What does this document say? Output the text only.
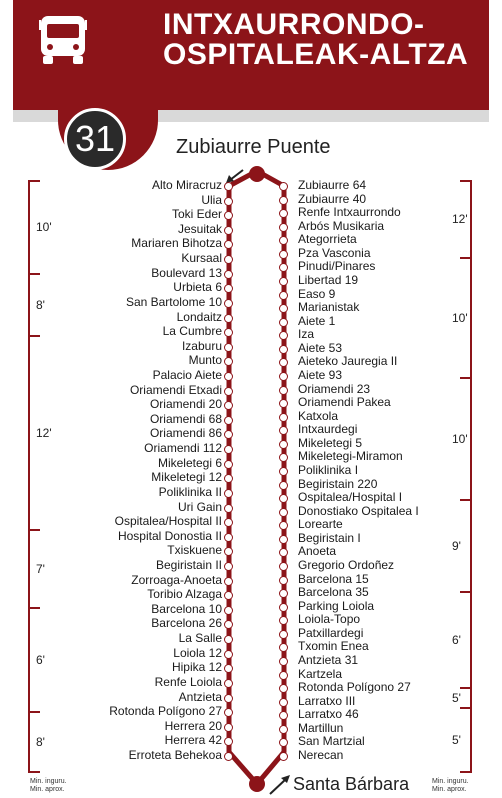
INTXAURRONDO-
OSPITALEAK-ALTZA
31	Zubiaurre Puente
Santa Bárbara
Alto Miracruz
Ulia
Toki Eder
Jesuitak
Mariaren Bihotza
Kursaal
Boulevard 13
Urbieta 6
San Bartolome 10
Londaitz
La Cumbre
Izaburu
Munto
Palacio Aiete
Oriamendi Etxadi
Oriamendi 20
Oriamendi 68
Oriamendi 86
Oriamendi 112
Mikeletegi 6
Mikeletegi 12
Poliklinika II
Uri Gain
Ospitalea/Hospital II
Hospital Donostia II
Txiskuene
Begiristain II
Zorroaga-Anoeta
Toribio Alzaga
Barcelona 10
Barcelona 26
La Salle
Loiola 12
Hipika 12
Renfe Loiola
Antzieta
Rotonda Polígono 27
Herrera 20
Herrera 42
Erroteta Behekoa
Zubiaurre 64
Zubiaurre 40
Renfe Intxaurrondo
Arbós Musikaria
Ategorrieta
Pza Vasconia
Pinudi/Pinares
Libertad 19
Easo 9
Marianistak
Aiete 1
Iza
Aiete 53
Aieteko Jauregia II
Aiete 93
Oriamendi 23
Oriamendi Pakea
Katxola
Intxaurdegi
Mikeletegi 5
Mikeletegi-Miramon
Poliklinika I
Begiristain 220
Ospitalea/Hospital I
Donostiako Ospitalea I
Lorearte
Begiristain I
Anoeta
Gregorio Ordoñez
Barcelona 15
Barcelona 35
Parking Loiola
Loiola-Topo
Patxillardegi
Txomin Enea
Antzieta 31
Kartzela
Rotonda Polígono 27
Larratxo III
Larratxo 46
Martillun
San Martzial
Nerecan
10'
8'
12'
7'
6'
8'
12'
10'
10'
9'
6'
5'
5'
Min. inguru.
Min. aprox.
Min. inguru.
Min. aprox.
